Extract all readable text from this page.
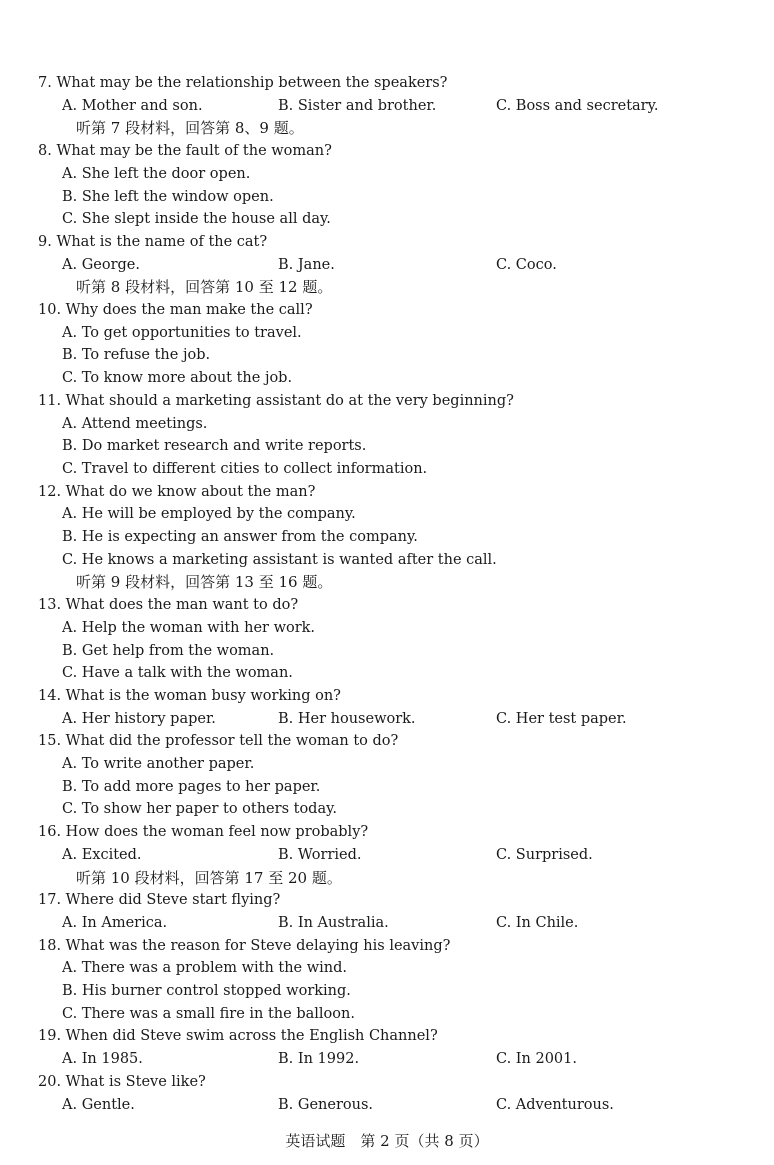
7. What may be the relationship between the speakers?
A. Mother and son.	B. Sister and brother.	C. Boss and secretary.
听第 7 段材料，回答第 8、9 题。
8. What may be the fault of the woman?
A. She left the door open.
B. She left the window open.
C. She slept inside the house all day.
9. What is the name of the cat?
A. George.	B. Jane.	C. Coco.
听第 8 段材料，回答第 10 至 12 题。
10. Why does the man make the call?
A. To get opportunities to travel.
B. To refuse the job.
C. To know more about the job.
11. What should a marketing assistant do at the very beginning?
A. Attend meetings.
B. Do market research and write reports.
C. Travel to different cities to collect information.
12. What do we know about the man?
A. He will be employed by the company.
B. He is expecting an answer from the company.
C. He knows a marketing assistant is wanted after the call.
听第 9 段材料，回答第 13 至 16 题。
13. What does the man want to do?
A. Help the woman with her work.
B. Get help from the woman.
C. Have a talk with the woman.
14. What is the woman busy working on?
A. Her history paper.	B. Her housework.	C. Her test paper.
15. What did the professor tell the woman to do?
A. To write another paper.
B. To add more pages to her paper.
C. To show her paper to others today.
16. How does the woman feel now probably?
A. Excited.	B. Worried.	C. Surprised.
听第 10 段材料，回答第 17 至 20 题。
17. Where did Steve start flying?
A. In America.	B. In Australia.	C. In Chile.
18. What was the reason for Steve delaying his leaving?
A. There was a problem with the wind.
B. His burner control stopped working.
C. There was a small fire in the balloon.
19. When did Steve swim across the English Channel?
A. In 1985.	B. In 1992.	C. In 2001.
20. What is Steve like?
A. Gentle.	B. Generous.	C. Adventurous.
英语试题　第 2 页（共 8 页）
